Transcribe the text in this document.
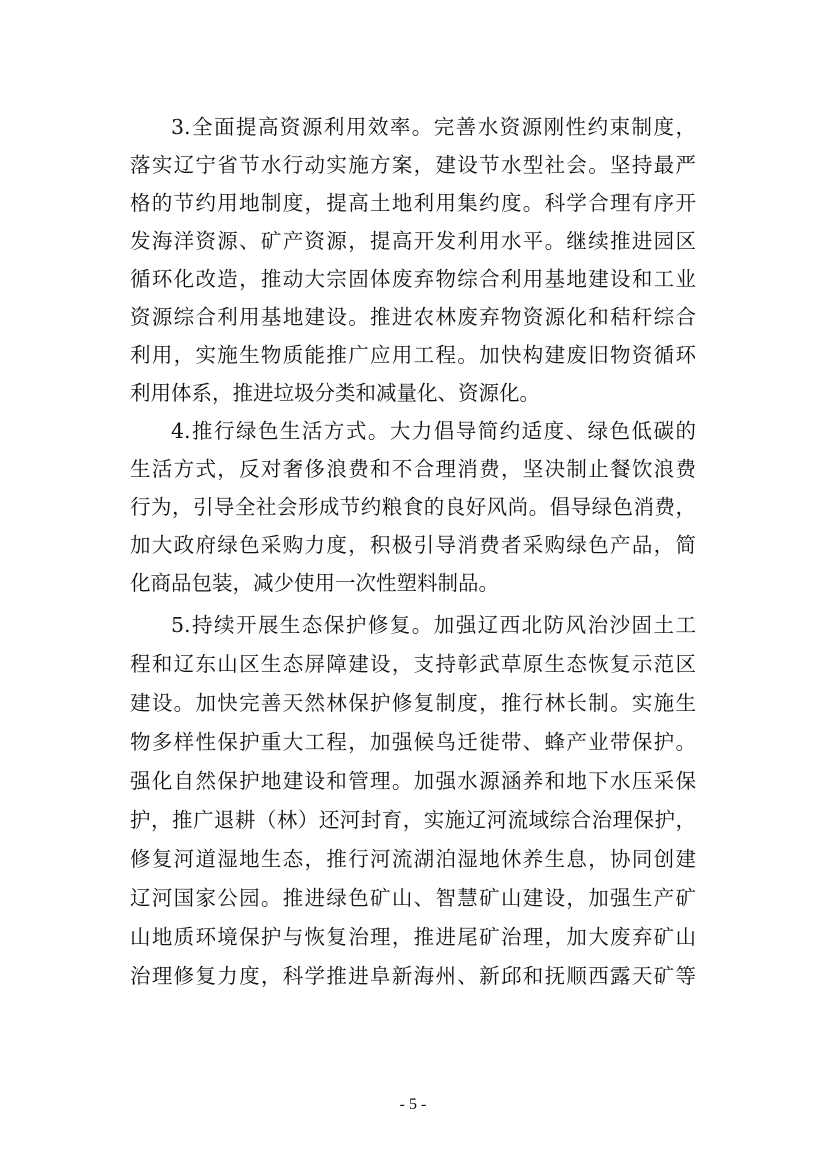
3.全面提高资源利用效率。完善水资源刚性约束制度，
落实辽宁省节水行动实施方案，建设节水型社会。坚持最严
格的节约用地制度，提高土地利用集约度。科学合理有序开
发海洋资源、矿产资源，提高开发利用水平。继续推进园区
循环化改造，推动大宗固体废弃物综合利用基地建设和工业
资源综合利用基地建设。推进农林废弃物资源化和秸秆综合
利用，实施生物质能推广应用工程。加快构建废旧物资循环
利用体系，推进垃圾分类和减量化、资源化。
4.推行绿色生活方式。大力倡导简约适度、绿色低碳的
生活方式，反对奢侈浪费和不合理消费，坚决制止餐饮浪费
行为，引导全社会形成节约粮食的良好风尚。倡导绿色消费，
加大政府绿色采购力度，积极引导消费者采购绿色产品，简
化商品包装，减少使用一次性塑料制品。
5.持续开展生态保护修复。加强辽西北防风治沙固土工
程和辽东山区生态屏障建设，支持彰武草原生态恢复示范区
建设。加快完善天然林保护修复制度，推行林长制。实施生
物多样性保护重大工程，加强候鸟迁徙带、蜂产业带保护。
强化自然保护地建设和管理。加强水源涵养和地下水压采保
护，推广退耕（林）还河封育，实施辽河流域综合治理保护，
修复河道湿地生态，推行河流湖泊湿地休养生息，协同创建
辽河国家公园。推进绿色矿山、智慧矿山建设，加强生产矿
山地质环境保护与恢复治理，推进尾矿治理，加大废弃矿山
治理修复力度，科学推进阜新海州、新邱和抚顺西露天矿等
- 5 -
